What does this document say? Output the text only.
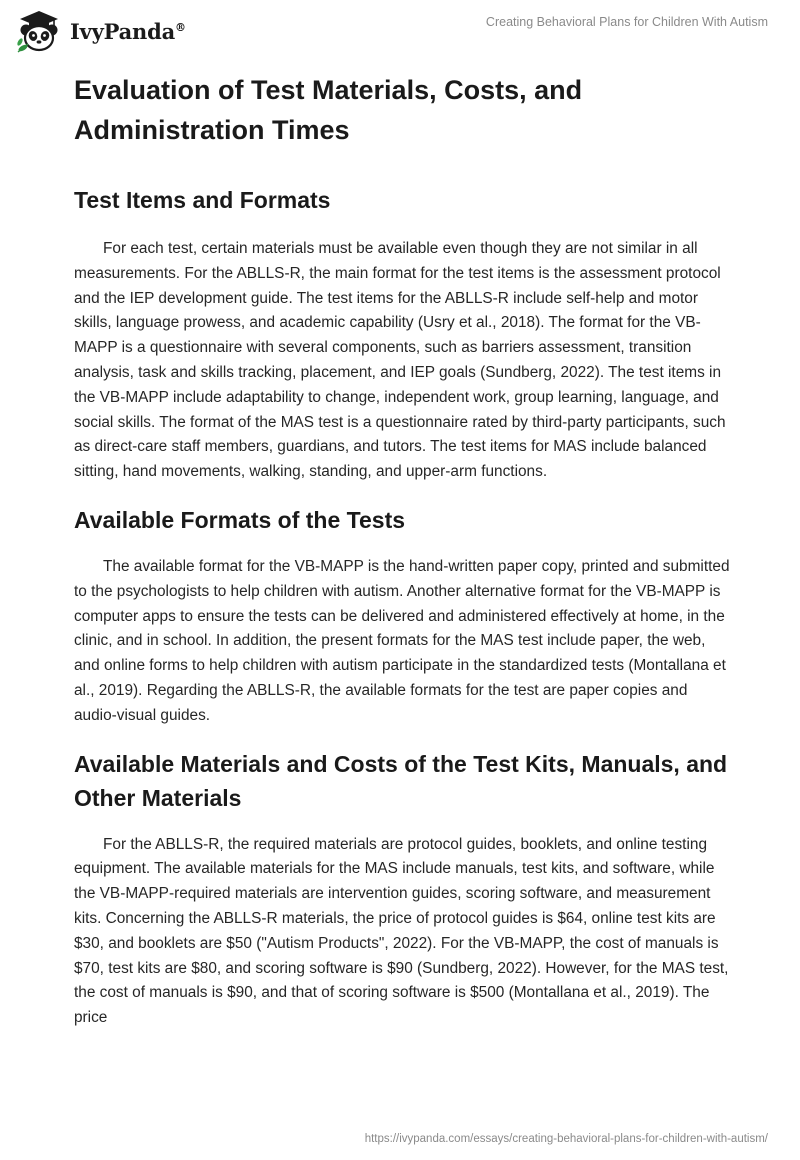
IvyPanda®	Creating Behavioral Plans for Children With Autism
Evaluation of Test Materials, Costs, and Administration Times
Test Items and Formats

For each test, certain materials must be available even though they are not similar in all measurements. For the ABLLS-R, the main format for the test items is the assessment protocol and the IEP development guide. The test items for the ABLLS-R include self-help and motor skills, language prowess, and academic capability (Usry et al., 2018). The format for the VB-MAPP is a questionnaire with several components, such as barriers assessment, transition analysis, task and skills tracking, placement, and IEP goals (Sundberg, 2022). The test items in the VB-MAPP include adaptability to change, independent work, group learning, language, and social skills. The format of the MAS test is a questionnaire rated by third-party participants, such as direct-care staff members, guardians, and tutors. The test items for MAS include balanced sitting, hand movements, walking, standing, and upper-arm functions.

Available Formats of the Tests

The available format for the VB-MAPP is the hand-written paper copy, printed and submitted to the psychologists to help children with autism. Another alternative format for the VB-MAPP is computer apps to ensure the tests can be delivered and administered effectively at home, in the clinic, and in school. In addition, the present formats for the MAS test include paper, the web, and online forms to help children with autism participate in the standardized tests (Montallana et al., 2019). Regarding the ABLLS-R, the available formats for the test are paper copies and audio-visual guides.

Available Materials and Costs of the Test Kits, Manuals, and Other Materials

For the ABLLS-R, the required materials are protocol guides, booklets, and online testing equipment. The available materials for the MAS include manuals, test kits, and software, while the VB-MAPP-required materials are intervention guides, scoring software, and measurement kits. Concerning the ABLLS-R materials, the price of protocol guides is $64, online test kits are $30, and booklets are $50 ("Autism Products", 2022). For the VB-MAPP, the cost of manuals is $70, test kits are $80, and scoring software is $90 (Sundberg, 2022). However, for the MAS test, the cost of manuals is $90, and that of scoring software is $500 (Montallana et al., 2019). The price

https://ivypanda.com/essays/creating-behavioral-plans-for-children-with-autism/
